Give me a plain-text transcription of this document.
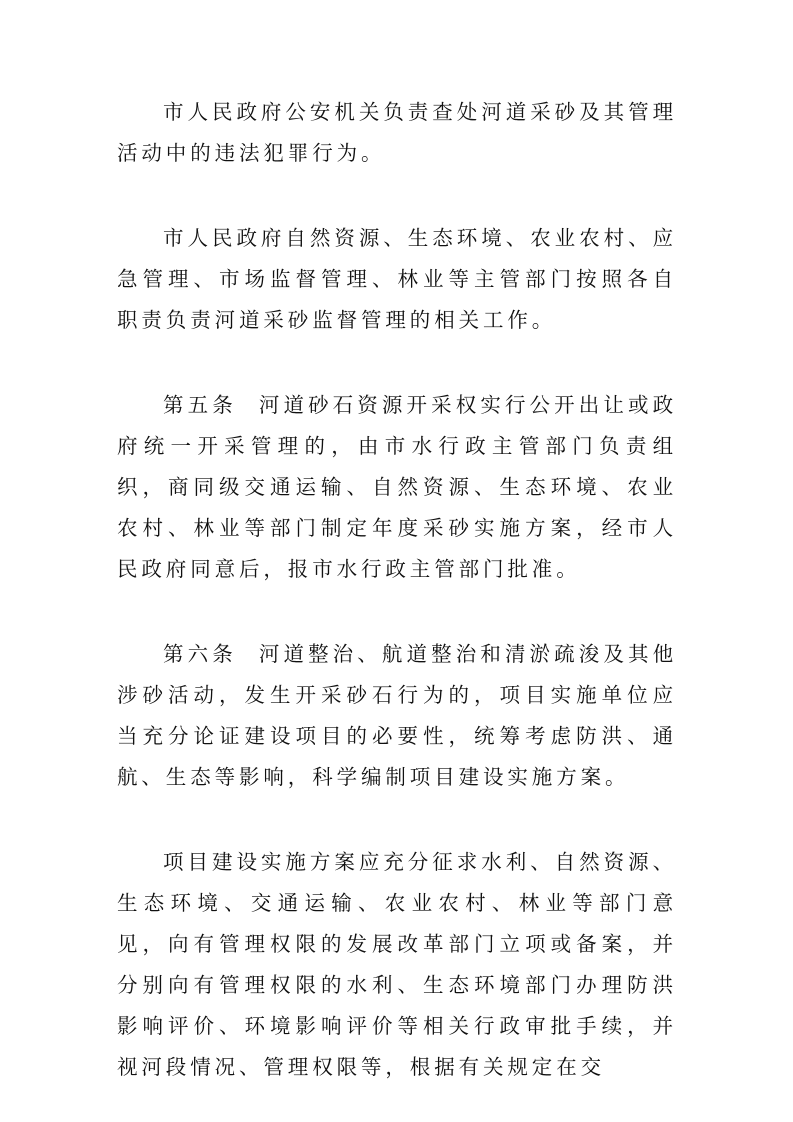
市人民政府公安机关负责查处河道采砂及其管理活动中的违法犯罪行为。

市人民政府自然资源、生态环境、农业农村、应急管理、市场监督管理、林业等主管部门按照各自职责负责河道采砂监督管理的相关工作。

第五条 河道砂石资源开采权实行公开出让或政府统一开采管理的，由市水行政主管部门负责组织，商同级交通运输、自然资源、生态环境、农业农村、林业等部门制定年度采砂实施方案，经市人民政府同意后，报市水行政主管部门批准。

第六条 河道整治、航道整治和清淤疏浚及其他涉砂活动，发生开采砂石行为的，项目实施单位应当充分论证建设项目的必要性，统筹考虑防洪、通航、生态等影响，科学编制项目建设实施方案。

项目建设实施方案应充分征求水利、自然资源、生态环境、交通运输、农业农村、林业等部门意见，向有管理权限的发展改革部门立项或备案，并分别向有管理权限的水利、生态环境部门办理防洪影响评价、环境影响评价等相关行政审批手续，并视河段情况、管理权限等，根据有关规定在交
